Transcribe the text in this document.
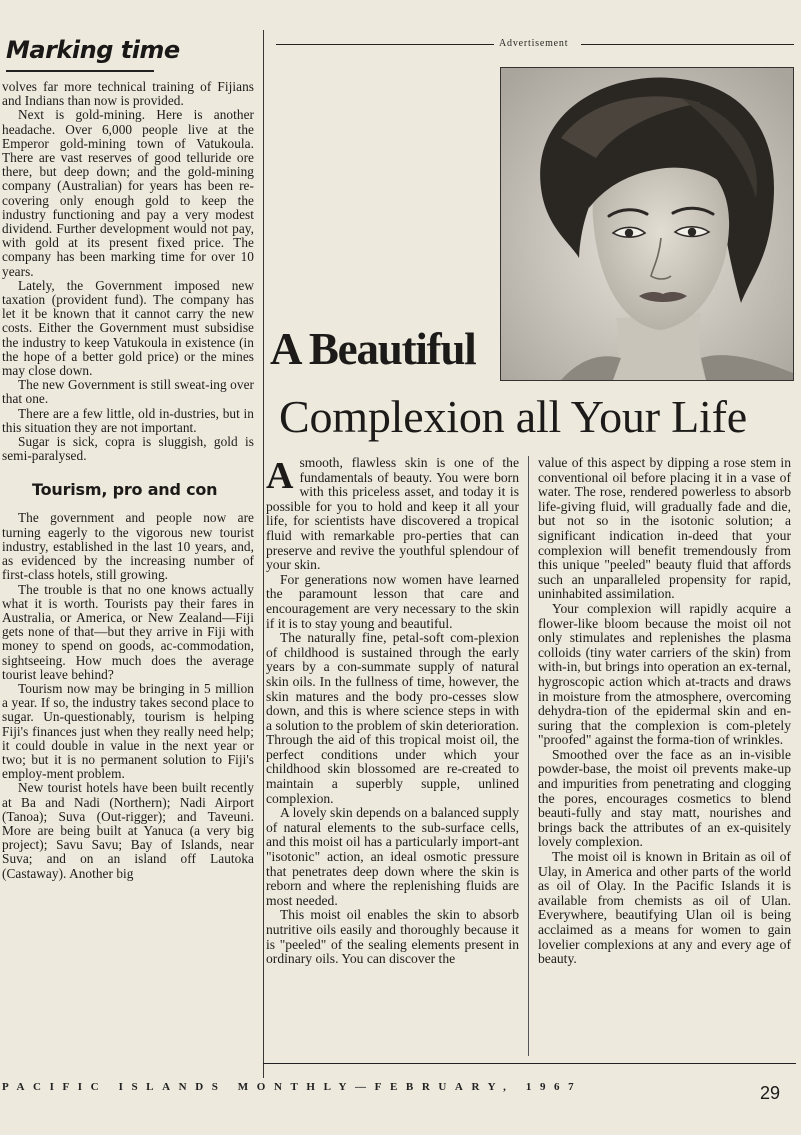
Marking time

volves far more technical training of Fijians and Indians than now is provided.

Next is gold-mining. Here is another headache. Over 6,000 people live at the Emperor gold-mining town of Vatukoula. There are vast reserves of good telluride ore there, but deep down; and the gold-mining company (Australian) for years has been re-covering only enough gold to keep the industry functioning and pay a very modest dividend. Further development would not pay, with gold at its present fixed price. The company has been marking time for over 10 years.

Lately, the Government imposed new taxation (provident fund). The company has let it be known that it cannot carry the new costs. Either the Government must subsidise the industry to keep Vatukoula in existence (in the hope of a better gold price) or the mines may close down.

The new Government is still sweat-ing over that one.

There are a few little, old in-dustries, but in this situation they are not important.

Sugar is sick, copra is sluggish, gold is semi-paralysed.

Tourism, pro and con

The government and people now are turning eagerly to the vigorous new tourist industry, established in the last 10 years, and, as evidenced by the increasing number of first-class hotels, still growing.

The trouble is that no one knows actually what it is worth. Tourists pay their fares in Australia, or America, or New Zealand—Fiji gets none of that—but they arrive in Fiji with money to spend on goods, ac-commodation, sightseeing. How much does the average tourist leave behind?

Tourism now may be bringing in 5 million a year. If so, the industry takes second place to sugar. Un-questionably, tourism is helping Fiji's finances just when they really need help; it could double in value in the next year or two; but it is no permanent solution to Fiji's employ-ment problem.

New tourist hotels have been built recently at Ba and Nadi (Northern); Nadi Airport (Tanoa); Suva (Out-rigger); and Taveuni. More are being built at Yanuca (a very big project); Savu Savu; Bay of Islands, near Suva; and on an island off Lautoka (Castaway). Another big

Advertisement
A Beautiful
Complexion all Your Life

Asmooth, flawless skin is one of the fundamentals of beauty. You were born with this priceless asset, and today it is possible for you to hold and keep it all your life, for scientists have discovered a tropical fluid with remarkable pro-perties that can preserve and revive the youthful splendour of your skin.

For generations now women have learned the paramount lesson that care and encouragement are very necessary to the skin if it is to stay young and beautiful.

The naturally fine, petal-soft com-plexion of childhood is sustained through the early years by a con-summate supply of natural skin oils. In the fullness of time, however, the skin matures and the body pro-cesses slow down, and this is where science steps in with a solution to the problem of skin deterioration. Through the aid of this tropical moist oil, the perfect conditions under which your childhood skin blossomed are re-created to maintain a superbly supple, unlined complexion.

A lovely skin depends on a balanced supply of natural elements to the sub-surface cells, and this moist oil has a particularly import-ant "isotonic" action, an ideal osmotic pressure that penetrates deep down where the skin is reborn and where the replenishing fluids are most needed.

This moist oil enables the skin to absorb nutritive oils easily and thoroughly because it is "peeled" of the sealing elements present in ordinary oils. You can discover the

value of this aspect by dipping a rose stem in conventional oil before placing it in a vase of water. The rose, rendered powerless to absorb life-giving fluid, will gradually fade and die, but not so in the isotonic solution; a significant indication in-deed that your complexion will benefit tremendously from this unique "peeled" beauty fluid that affords such an unparalleled propensity for rapid, uninhabited assimilation.

Your complexion will rapidly acquire a flower-like bloom because the moist oil not only stimulates and replenishes the plasma colloids (tiny water carriers of the skin) from with-in, but brings into operation an ex-ternal, hygroscopic action which at-tracts and draws in moisture from the atmosphere, overcoming dehydra-tion of the epidermal skin and en-suring that the complexion is com-pletely "proofed" against the forma-tion of wrinkles.

Smoothed over the face as an in-visible powder-base, the moist oil prevents make-up and impurities from penetrating and clogging the pores, encourages cosmetics to blend beauti-fully and stay matt, nourishes and brings back the attributes of an ex-quisitely lovely complexion.

The moist oil is known in Britain as oil of Ulay, in America and other parts of the world as oil of Olay. In the Pacific Islands it is available from chemists as oil of Ulan. Everywhere, beautifying Ulan oil is being acclaimed as a means for women to gain lovelier complexions at any and every age of beauty.

PACIFIC ISLANDS MONTHLY—FEBRUARY, 1967	29
